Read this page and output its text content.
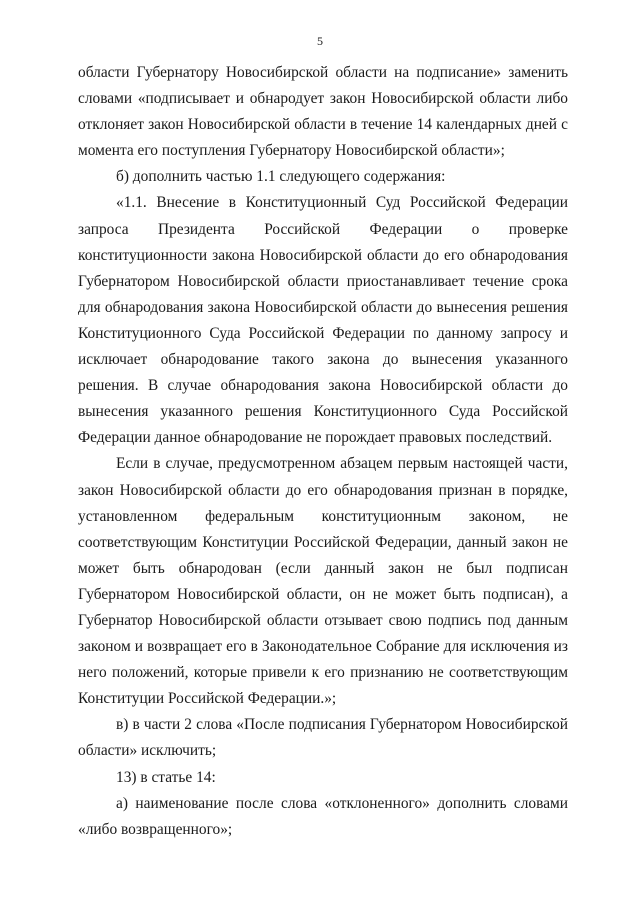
5

области Губернатору Новосибирской области на подписание» заменить словами «подписывает и обнародует закон Новосибирской области либо отклоняет закон Новосибирской области в течение 14 календарных дней с момента его поступления Губернатору Новосибирской области»;

б) дополнить частью 1.1 следующего содержания:

«1.1. Внесение в Конституционный Суд Российской Федерации запроса Президента Российской Федерации о проверке конституционности закона Новосибирской области до его обнародования Губернатором Новосибирской области приостанавливает течение срока для обнародования закона Новосибирской области до вынесения решения Конституционного Суда Российской Федерации по данному запросу и исключает обнародование такого закона до вынесения указанного решения. В случае обнародования закона Новосибирской области до вынесения указанного решения Конституционного Суда Российской Федерации данное обнародование не порождает правовых последствий.

Если в случае, предусмотренном абзацем первым настоящей части, закон Новосибирской области до его обнародования признан в порядке, установленном федеральным конституционным законом, не соответствующим Конституции Российской Федерации, данный закон не может быть обнародован (если данный закон не был подписан Губернатором Новосибирской области, он не может быть подписан), а Губернатор Новосибирской области отзывает свою подпись под данным законом и возвращает его в Законодательное Собрание для исключения из него положений, которые привели к его признанию не соответствующим Конституции Российской Федерации.»;

в) в части 2 слова «После подписания Губернатором Новосибирской области» исключить;

13) в статье 14:

а) наименование после слова «отклоненного» дополнить словами «либо возвращенного»;
